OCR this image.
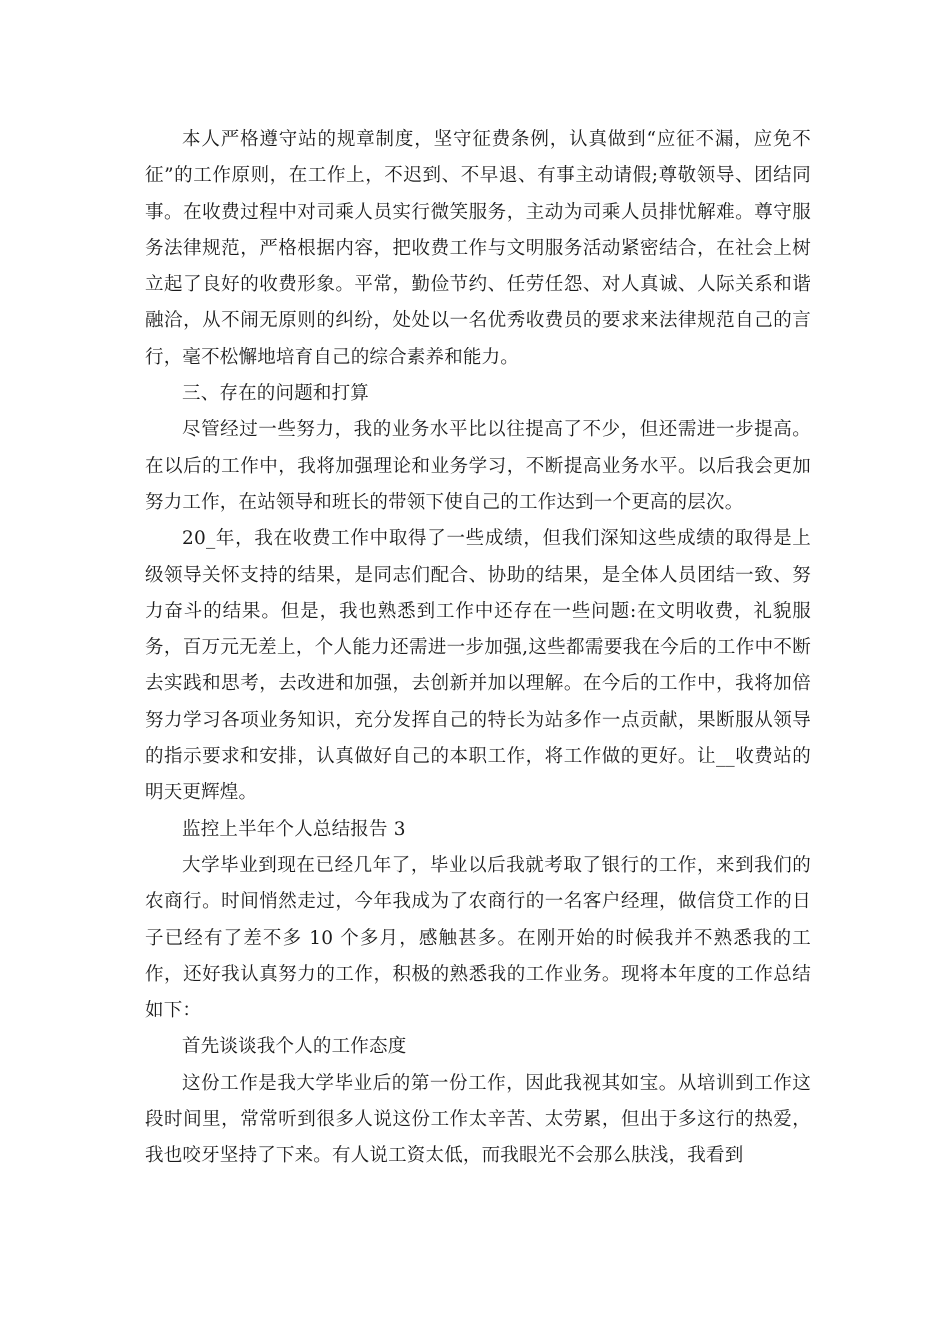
本人严格遵守站的规章制度，坚守征费条例，认真做到“应征不漏，应免不征”的工作原则，在工作上，不迟到、不早退、有事主动请假;尊敬领导、团结同事。在收费过程中对司乘人员实行微笑服务，主动为司乘人员排忧解难。尊守服务法律规范，严格根据内容，把收费工作与文明服务活动紧密结合，在社会上树立起了良好的收费形象。平常，勤俭节约、任劳任怨、对人真诚、人际关系和谐融洽，从不闹无原则的纠纷，处处以一名优秀收费员的要求来法律规范自己的言行，毫不松懈地培育自己的综合素养和能力。

三、存在的问题和打算

尽管经过一些努力，我的业务水平比以往提高了不少，但还需进一步提高。在以后的工作中，我将加强理论和业务学习，不断提高业务水平。以后我会更加努力工作，在站领导和班长的带领下使自己的工作达到一个更高的层次。

20_年，我在收费工作中取得了一些成绩，但我们深知这些成绩的取得是上级领导关怀支持的结果，是同志们配合、协助的结果，是全体人员团结一致、努力奋斗的结果。但是，我也熟悉到工作中还存在一些问题:在文明收费，礼貌服务，百万元无差上，个人能力还需进一步加强,这些都需要我在今后的工作中不断去实践和思考，去改进和加强，去创新并加以理解。在今后的工作中，我将加倍努力学习各项业务知识，充分发挥自己的特长为站多作一点贡献，果断服从领导的指示要求和安排，认真做好自己的本职工作，将工作做的更好。让__收费站的明天更辉煌。

监控上半年个人总结报告 3

大学毕业到现在已经几年了，毕业以后我就考取了银行的工作，来到我们的农商行。时间悄然走过，今年我成为了农商行的一名客户经理，做信贷工作的日子已经有了差不多 10 个多月，感触甚多。在刚开始的时候我并不熟悉我的工作，还好我认真努力的工作，积极的熟悉我的工作业务。现将本年度的工作总结如下：

首先谈谈我个人的工作态度

这份工作是我大学毕业后的第一份工作，因此我视其如宝。从培训到工作这段时间里，常常听到很多人说这份工作太辛苦、太劳累，但出于多这行的热爱，我也咬牙坚持了下来。有人说工资太低，而我眼光不会那么肤浅，我看到
